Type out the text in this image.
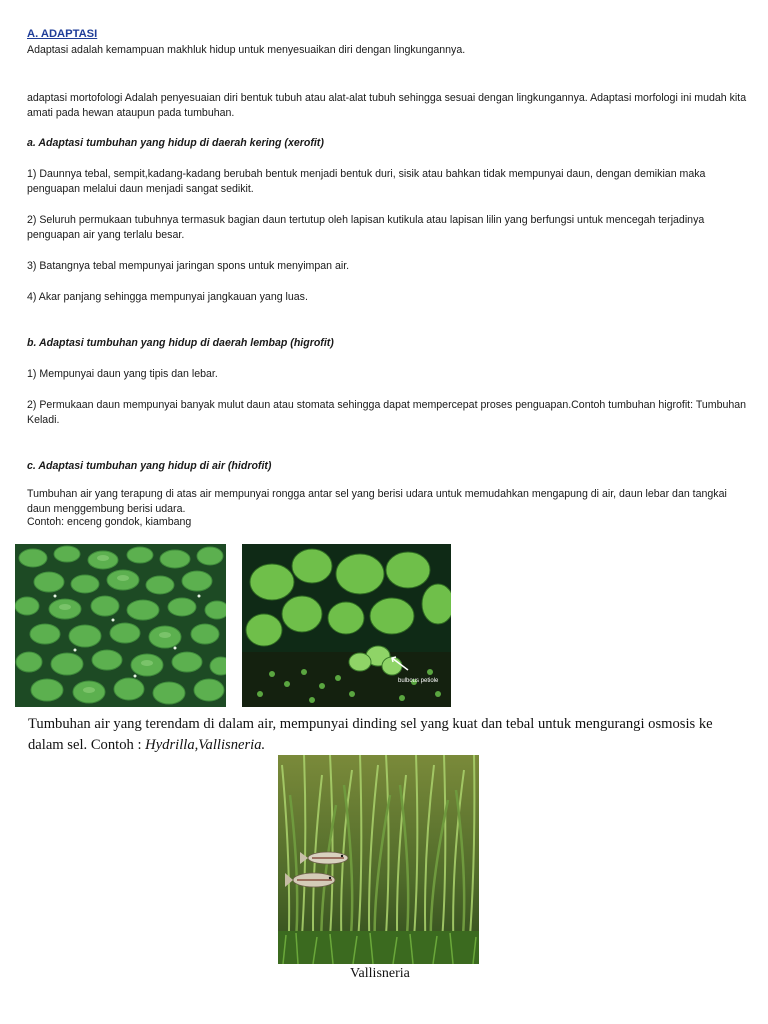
A. ADAPTASI

Adaptasi adalah kemampuan makhluk hidup untuk menyesuaikan diri dengan lingkungannya.

adaptasi mortofologi Adalah penyesuaian diri bentuk tubuh atau alat-alat tubuh sehingga sesuai dengan lingkungannya. Adaptasi morfologi ini mudah kita amati pada hewan ataupun pada tumbuhan.

a. Adaptasi tumbuhan yang hidup di daerah kering (xerofit)

1) Daunnya tebal, sempit,kadang-kadang berubah bentuk menjadi bentuk duri, sisik atau bahkan tidak mempunyai daun, dengan demikian maka penguapan melalui daun menjadi sangat sedikit.

2) Seluruh permukaan tubuhnya termasuk bagian daun tertutup oleh lapisan kutikula atau lapisan lilin yang berfungsi untuk mencegah terjadinya penguapan air yang terlalu besar.

3) Batangnya tebal mempunyai jaringan spons untuk menyimpan air.

4) Akar panjang sehingga mempunyai jangkauan yang luas.

b. Adaptasi tumbuhan yang hidup di daerah lembap (higrofit)

1) Mempunyai daun yang tipis dan lebar.

2) Permukaan daun mempunyai banyak mulut daun atau stomata sehingga dapat mempercepat proses penguapan.Contoh tumbuhan higrofit: Tumbuhan Keladi.

c. Adaptasi tumbuhan yang hidup di air (hidrofit)

Tumbuhan air yang terapung di atas air mempunyai rongga antar sel yang berisi udara untuk memudahkan mengapung di air, daun lebar dan tangkai daun menggembung berisi udara.

Contoh: enceng gondok, kiambang

bulbous petiole

Tumbuhan air yang terendam di dalam air, mempunyai dinding sel yang kuat dan tebal untuk mengurangi osmosis ke dalam sel. Contoh : Hydrilla,Vallisneria.

Vallisneria
